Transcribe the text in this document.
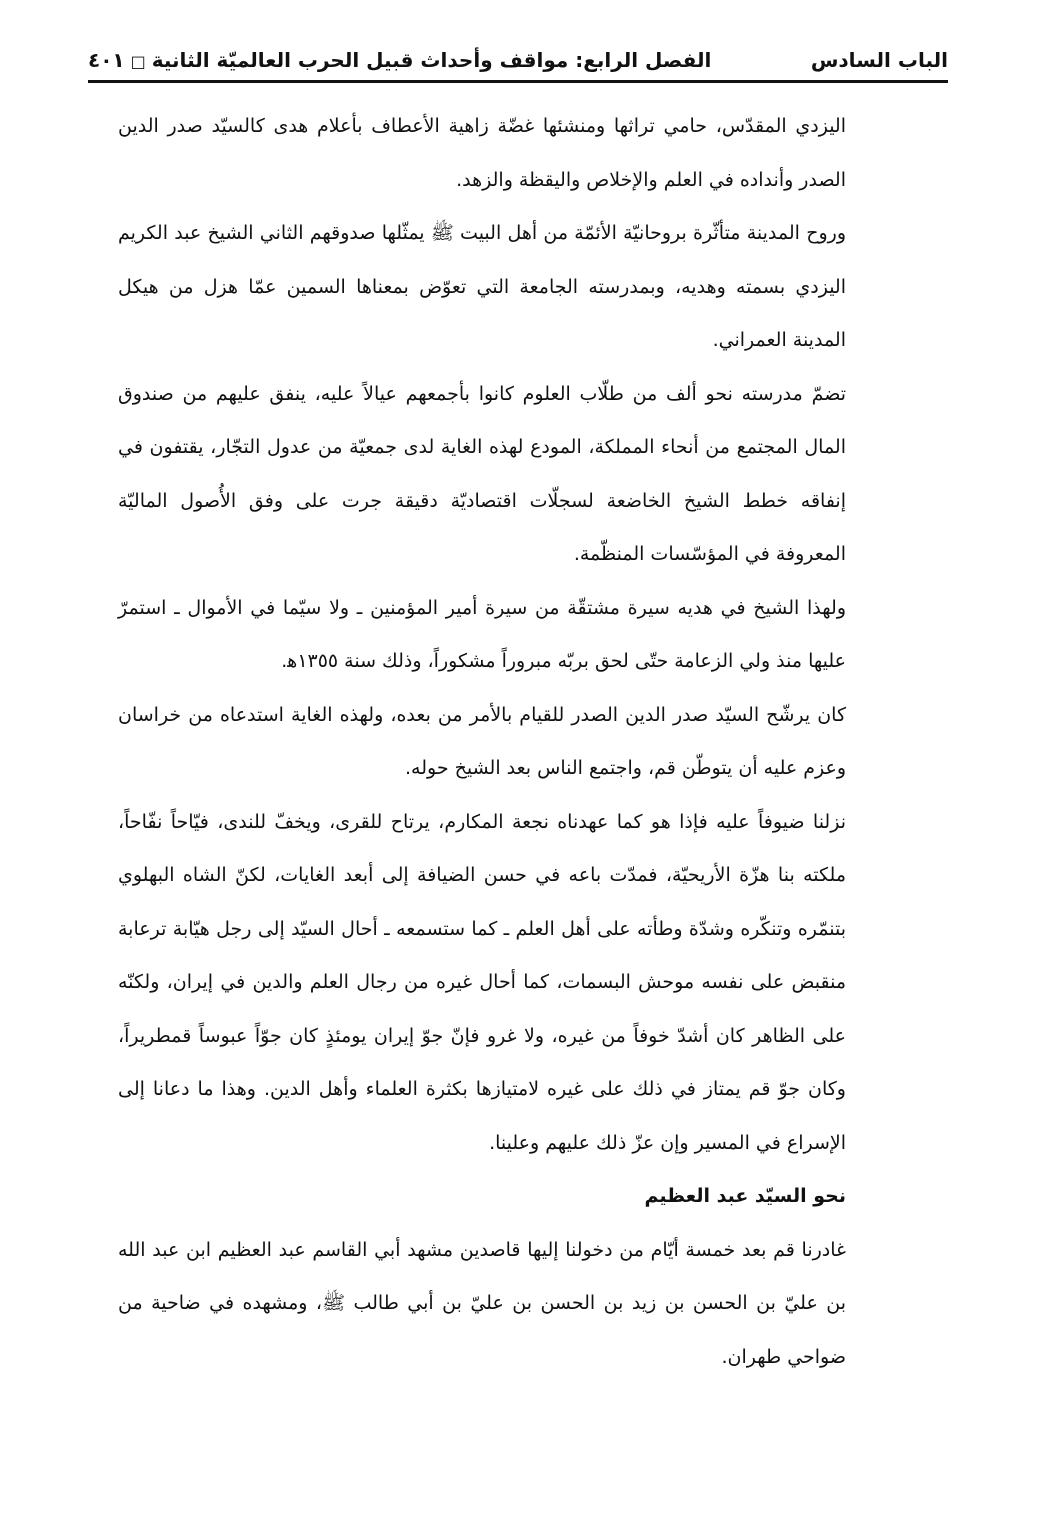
الباب السادس
الفصل الرابع: مواقف وأحداث قبيل الحرب العالميّة الثانية□٤٠١

اليزدي المقدّس، حامي تراثها ومنشئها غضّة زاهية الأعطاف بأعلام هدى كالسيّد صدر الدين الصدر وأنداده في العلم والإخلاص واليقظة والزهد.

وروح المدينة متأثّرة بروحانيّة الأئمّة من أهل البيت ﷺ يمثّلها صدوقهم الثاني الشيخ عبد الكريم اليزدي بسمته وهديه، وبمدرسته الجامعة التي تعوّض بمعناها السمين عمّا هزل من هيكل المدينة العمراني.

تضمّ مدرسته نحو ألف من طلّاب العلوم كانوا بأجمعهم عيالاً عليه، ينفق عليهم من صندوق المال المجتمع من أنحاء المملكة، المودع لهذه الغاية لدى جمعيّة من عدول التجّار، يقتفون في إنفاقه خطط الشيخ الخاضعة لسجلّات اقتصاديّة دقيقة جرت على وفق الأُصول الماليّة المعروفة في المؤسّسات المنظّمة.

ولهذا الشيخ في هديه سيرة مشتقّة من سيرة أمير المؤمنين ـ ولا سيّما في الأموال ـ استمرّ عليها منذ ولي الزعامة حتّى لحق بربّه مبروراً مشكوراً، وذلك سنة ١٣٥٥ﻫ.

كان يرشّح السيّد صدر الدين الصدر للقيام بالأمر من بعده، ولهذه الغاية استدعاه من خراسان وعزم عليه أن يتوطّن قم، واجتمع الناس بعد الشيخ حوله.

نزلنا ضيوفاً عليه فإذا هو كما عهدناه نجعة المكارم، يرتاح للقرى، ويخفّ للندى، فيّاحاً نفّاحاً، ملكته بنا هزّة الأريحيّة، فمدّت باعه في حسن الضيافة إلى أبعد الغايات، لكنّ الشاه البهلوي بتنمّره وتنكّره وشدّة وطأته على أهل العلم ـ كما ستسمعه ـ أحال السيّد إلى رجل هيّابة ترعابة منقبض على نفسه موحش البسمات، كما أحال غيره من رجال العلم والدين في إيران، ولكنّه على الظاهر كان أشدّ خوفاً من غيره، ولا غرو فإنّ جوّ إيران يومئذٍ كان جوّاً عبوساً قمطريراً، وكان جوّ قم يمتاز في ذلك على غيره لامتيازها بكثرة العلماء وأهل الدين. وهذا ما دعانا إلى الإسراع في المسير وإن عزّ ذلك عليهم وعلينا.

نحو السيّد عبد العظيم

غادرنا قم بعد خمسة أيّام من دخولنا إليها قاصدين مشهد أبي القاسم عبد العظيم ابن عبد الله بن عليّ بن الحسن بن زيد بن الحسن بن عليّ بن أبي طالب ﷺ، ومشهده في ضاحية من ضواحي طهران.
